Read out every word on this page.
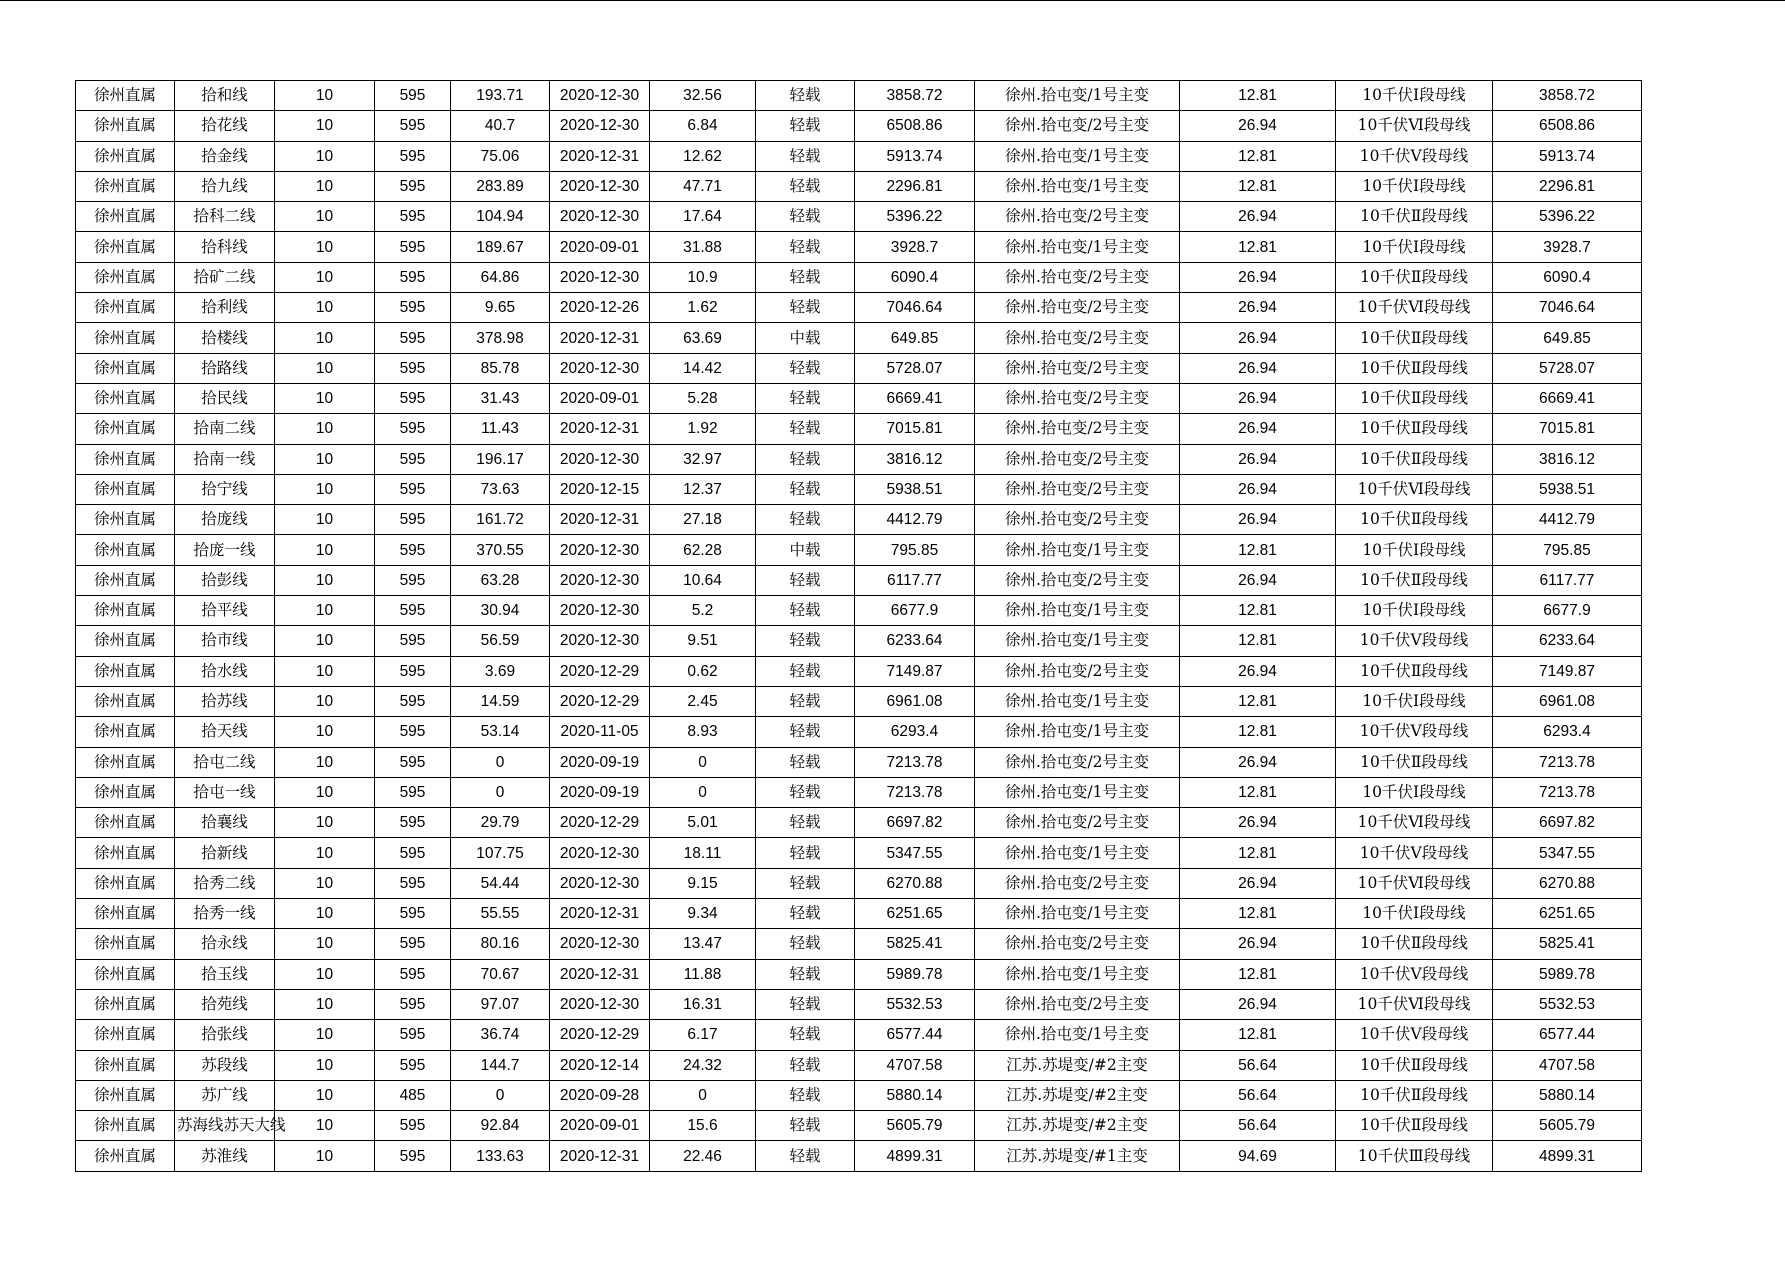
徐州直属	拾和线	10	595	193.71	2020-12-30	32.56	轻载	3858.72	徐州.拾屯变/1号主变	12.81	10千伏Ⅰ段母线	3858.72
徐州直属	拾花线	10	595	40.7	2020-12-30	6.84	轻载	6508.86	徐州.拾屯变/2号主变	26.94	10千伏Ⅵ段母线	6508.86
徐州直属	拾金线	10	595	75.06	2020-12-31	12.62	轻载	5913.74	徐州.拾屯变/1号主变	12.81	10千伏Ⅴ段母线	5913.74
徐州直属	拾九线	10	595	283.89	2020-12-30	47.71	轻载	2296.81	徐州.拾屯变/1号主变	12.81	10千伏Ⅰ段母线	2296.81
徐州直属	拾科二线	10	595	104.94	2020-12-30	17.64	轻载	5396.22	徐州.拾屯变/2号主变	26.94	10千伏Ⅱ段母线	5396.22
徐州直属	拾科线	10	595	189.67	2020-09-01	31.88	轻载	3928.7	徐州.拾屯变/1号主变	12.81	10千伏Ⅰ段母线	3928.7
徐州直属	拾矿二线	10	595	64.86	2020-12-30	10.9	轻载	6090.4	徐州.拾屯变/2号主变	26.94	10千伏Ⅱ段母线	6090.4
徐州直属	拾利线	10	595	9.65	2020-12-26	1.62	轻载	7046.64	徐州.拾屯变/2号主变	26.94	10千伏Ⅵ段母线	7046.64
徐州直属	拾楼线	10	595	378.98	2020-12-31	63.69	中载	649.85	徐州.拾屯变/2号主变	26.94	10千伏Ⅱ段母线	649.85
徐州直属	拾路线	10	595	85.78	2020-12-30	14.42	轻载	5728.07	徐州.拾屯变/2号主变	26.94	10千伏Ⅱ段母线	5728.07
徐州直属	拾民线	10	595	31.43	2020-09-01	5.28	轻载	6669.41	徐州.拾屯变/2号主变	26.94	10千伏Ⅱ段母线	6669.41
徐州直属	拾南二线	10	595	11.43	2020-12-31	1.92	轻载	7015.81	徐州.拾屯变/2号主变	26.94	10千伏Ⅱ段母线	7015.81
徐州直属	拾南一线	10	595	196.17	2020-12-30	32.97	轻载	3816.12	徐州.拾屯变/2号主变	26.94	10千伏Ⅱ段母线	3816.12
徐州直属	拾宁线	10	595	73.63	2020-12-15	12.37	轻载	5938.51	徐州.拾屯变/2号主变	26.94	10千伏Ⅵ段母线	5938.51
徐州直属	拾庞线	10	595	161.72	2020-12-31	27.18	轻载	4412.79	徐州.拾屯变/2号主变	26.94	10千伏Ⅱ段母线	4412.79
徐州直属	拾庞一线	10	595	370.55	2020-12-30	62.28	中载	795.85	徐州.拾屯变/1号主变	12.81	10千伏Ⅰ段母线	795.85
徐州直属	拾彭线	10	595	63.28	2020-12-30	10.64	轻载	6117.77	徐州.拾屯变/2号主变	26.94	10千伏Ⅱ段母线	6117.77
徐州直属	拾平线	10	595	30.94	2020-12-30	5.2	轻载	6677.9	徐州.拾屯变/1号主变	12.81	10千伏Ⅰ段母线	6677.9
徐州直属	拾市线	10	595	56.59	2020-12-30	9.51	轻载	6233.64	徐州.拾屯变/1号主变	12.81	10千伏Ⅴ段母线	6233.64
徐州直属	拾水线	10	595	3.69	2020-12-29	0.62	轻载	7149.87	徐州.拾屯变/2号主变	26.94	10千伏Ⅱ段母线	7149.87
徐州直属	拾苏线	10	595	14.59	2020-12-29	2.45	轻载	6961.08	徐州.拾屯变/1号主变	12.81	10千伏Ⅰ段母线	6961.08
徐州直属	拾天线	10	595	53.14	2020-11-05	8.93	轻载	6293.4	徐州.拾屯变/1号主变	12.81	10千伏Ⅴ段母线	6293.4
徐州直属	拾屯二线	10	595	0	2020-09-19	0	轻载	7213.78	徐州.拾屯变/2号主变	26.94	10千伏Ⅱ段母线	7213.78
徐州直属	拾屯一线	10	595	0	2020-09-19	0	轻载	7213.78	徐州.拾屯变/1号主变	12.81	10千伏Ⅰ段母线	7213.78
徐州直属	拾襄线	10	595	29.79	2020-12-29	5.01	轻载	6697.82	徐州.拾屯变/2号主变	26.94	10千伏Ⅵ段母线	6697.82
徐州直属	拾新线	10	595	107.75	2020-12-30	18.11	轻载	5347.55	徐州.拾屯变/1号主变	12.81	10千伏Ⅴ段母线	5347.55
徐州直属	拾秀二线	10	595	54.44	2020-12-30	9.15	轻载	6270.88	徐州.拾屯变/2号主变	26.94	10千伏Ⅵ段母线	6270.88
徐州直属	拾秀一线	10	595	55.55	2020-12-31	9.34	轻载	6251.65	徐州.拾屯变/1号主变	12.81	10千伏Ⅰ段母线	6251.65
徐州直属	拾永线	10	595	80.16	2020-12-30	13.47	轻载	5825.41	徐州.拾屯变/2号主变	26.94	10千伏Ⅱ段母线	5825.41
徐州直属	拾玉线	10	595	70.67	2020-12-31	11.88	轻载	5989.78	徐州.拾屯变/1号主变	12.81	10千伏Ⅴ段母线	5989.78
徐州直属	拾苑线	10	595	97.07	2020-12-30	16.31	轻载	5532.53	徐州.拾屯变/2号主变	26.94	10千伏Ⅵ段母线	5532.53
徐州直属	拾张线	10	595	36.74	2020-12-29	6.17	轻载	6577.44	徐州.拾屯变/1号主变	12.81	10千伏Ⅴ段母线	6577.44
徐州直属	苏段线	10	595	144.7	2020-12-14	24.32	轻载	4707.58	江苏.苏堤变/#2主变	56.64	10千伏Ⅱ段母线	4707.58
徐州直属	苏广线	10	485	0	2020-09-28	0	轻载	5880.14	江苏.苏堤变/#2主变	56.64	10千伏Ⅱ段母线	5880.14
徐州直属	苏海线苏天大线	10	595	92.84	2020-09-01	15.6	轻载	5605.79	江苏.苏堤变/#2主变	56.64	10千伏Ⅱ段母线	5605.79
徐州直属	苏淮线	10	595	133.63	2020-12-31	22.46	轻载	4899.31	江苏.苏堤变/#1主变	94.69	10千伏Ⅲ段母线	4899.31
